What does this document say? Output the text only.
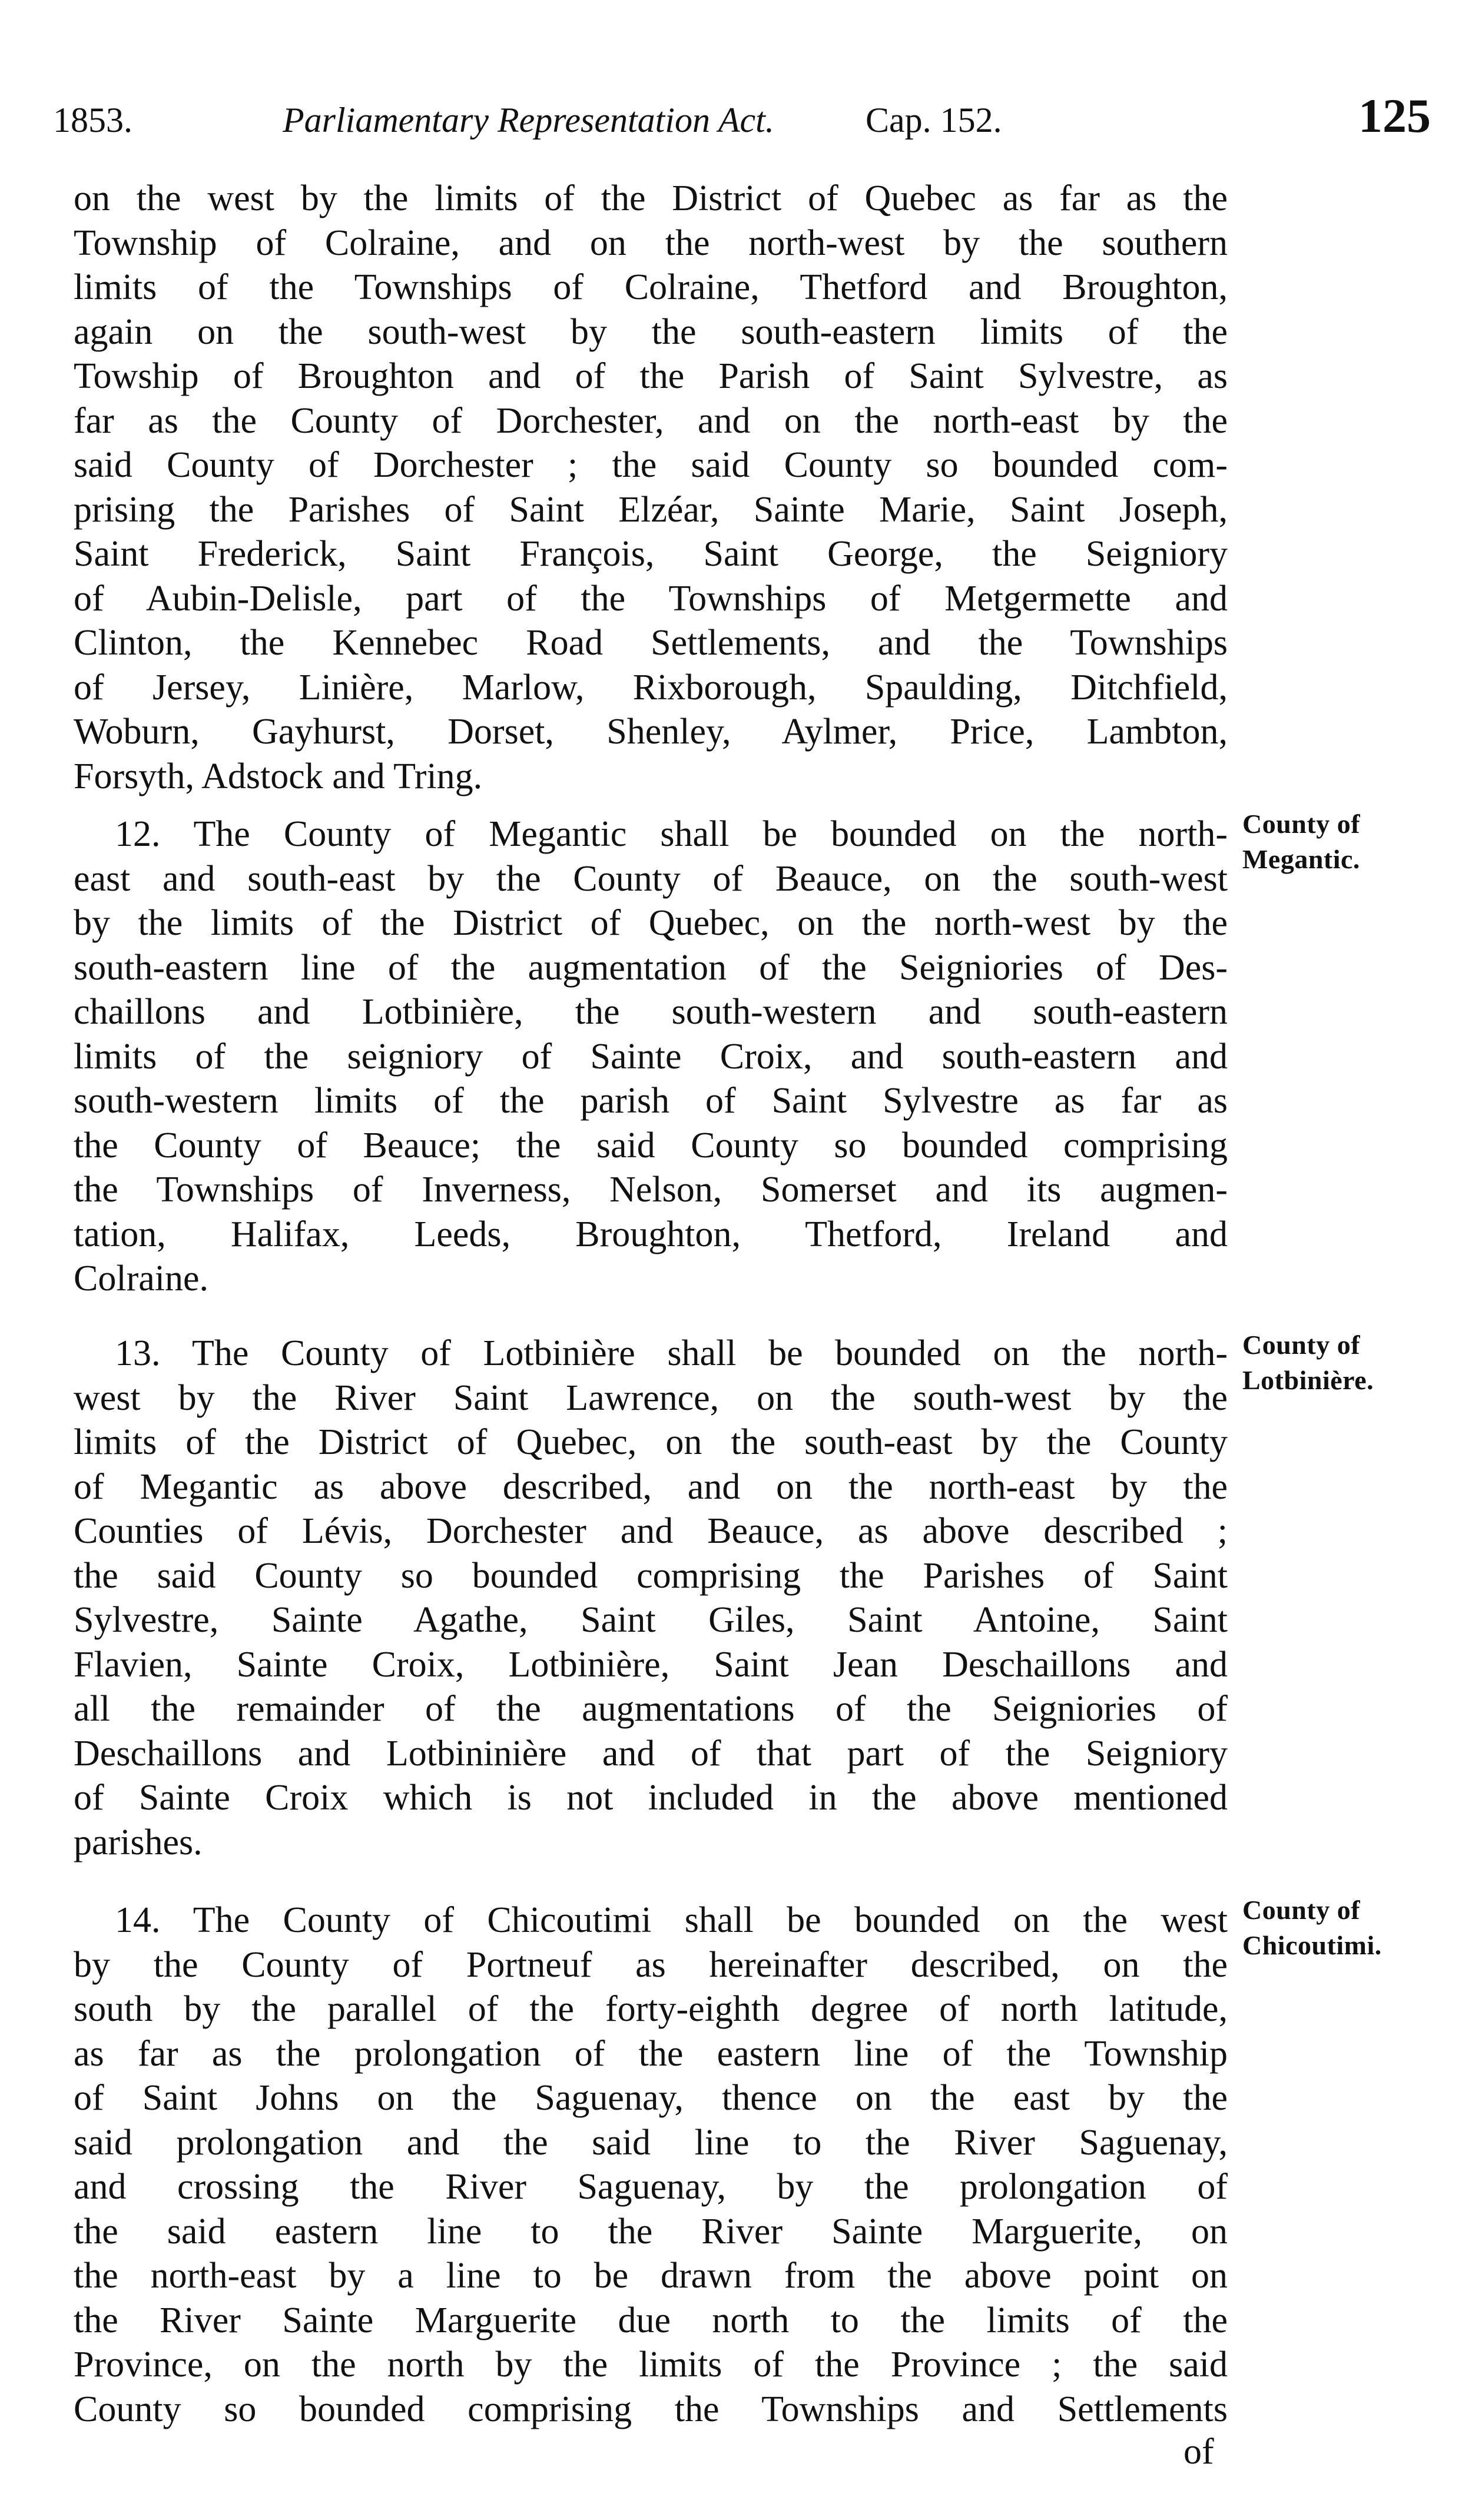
1853.	Parliamentary Representation Act.	Cap. 152.	125
on the west by the limits of the District of Quebec as far as the
Township of Colraine, and on the north-west by the southern
limits of the Townships of Colraine, Thetford and Broughton,
again on the south-west by the south-eastern limits of the
Towship of Broughton and of the Parish of Saint Sylvestre, as
far as the County of Dorchester, and on the north-east by the
said County of Dorchester ; the said County so bounded com-
prising the Parishes of Saint Elzéar, Sainte Marie, Saint Joseph,
Saint Frederick, Saint François, Saint George, the Seigniory
of Aubin-Delisle, part of the Townships of Metgermette and
Clinton, the Kennebec Road Settlements, and the Townships
of Jersey, Linière, Marlow, Rixborough, Spaulding, Ditchfield,
Woburn, Gayhurst, Dorset, Shenley, Aylmer, Price, Lambton,
Forsyth, Adstock and Tring.
County of
Megantic.
12. The County of Megantic shall be bounded on the north-
east and south-east by the County of Beauce, on the south-west
by the limits of the District of Quebec, on the north-west by the
south-eastern line of the augmentation of the Seigniories of Des-
chaillons and Lotbinière, the south-western and south-eastern
limits of the seigniory of Sainte Croix, and south-eastern and
south-western limits of the parish of Saint Sylvestre as far as
the County of Beauce; the said County so bounded comprising
the Townships of Inverness, Nelson, Somerset and its augmen-
tation, Halifax, Leeds, Broughton, Thetford, Ireland and
Colraine.
County of
Lotbinière.
13. The County of Lotbinière shall be bounded on the north-
west by the River Saint Lawrence, on the south-west by the
limits of the District of Quebec, on the south-east by the County
of Megantic as above described, and on the north-east by the
Counties of Lévis, Dorchester and Beauce, as above described ;
the said County so bounded comprising the Parishes of Saint
Sylvestre, Sainte Agathe, Saint Giles, Saint Antoine, Saint
Flavien, Sainte Croix, Lotbinière, Saint Jean Deschaillons and
all the remainder of the augmentations of the Seigniories of
Deschaillons and Lotbininière and of that part of the Seigniory
of Sainte Croix which is not included in the above mentioned
parishes.
County of
Chicoutimi.
14. The County of Chicoutimi shall be bounded on the west
by the County of Portneuf as hereinafter described, on the
south by the parallel of the forty-eighth degree of north latitude,
as far as the prolongation of the eastern line of the Township
of Saint Johns on the Saguenay, thence on the east by the
said prolongation and the said line to the River Saguenay,
and crossing the River Saguenay, by the prolongation of
the said eastern line to the River Sainte Marguerite, on
the north-east by a line to be drawn from the above point on
the River Sainte Marguerite due north to the limits of the
Province, on the north by the limits of the Province ; the said
County so bounded comprising the Townships and Settlements
of
